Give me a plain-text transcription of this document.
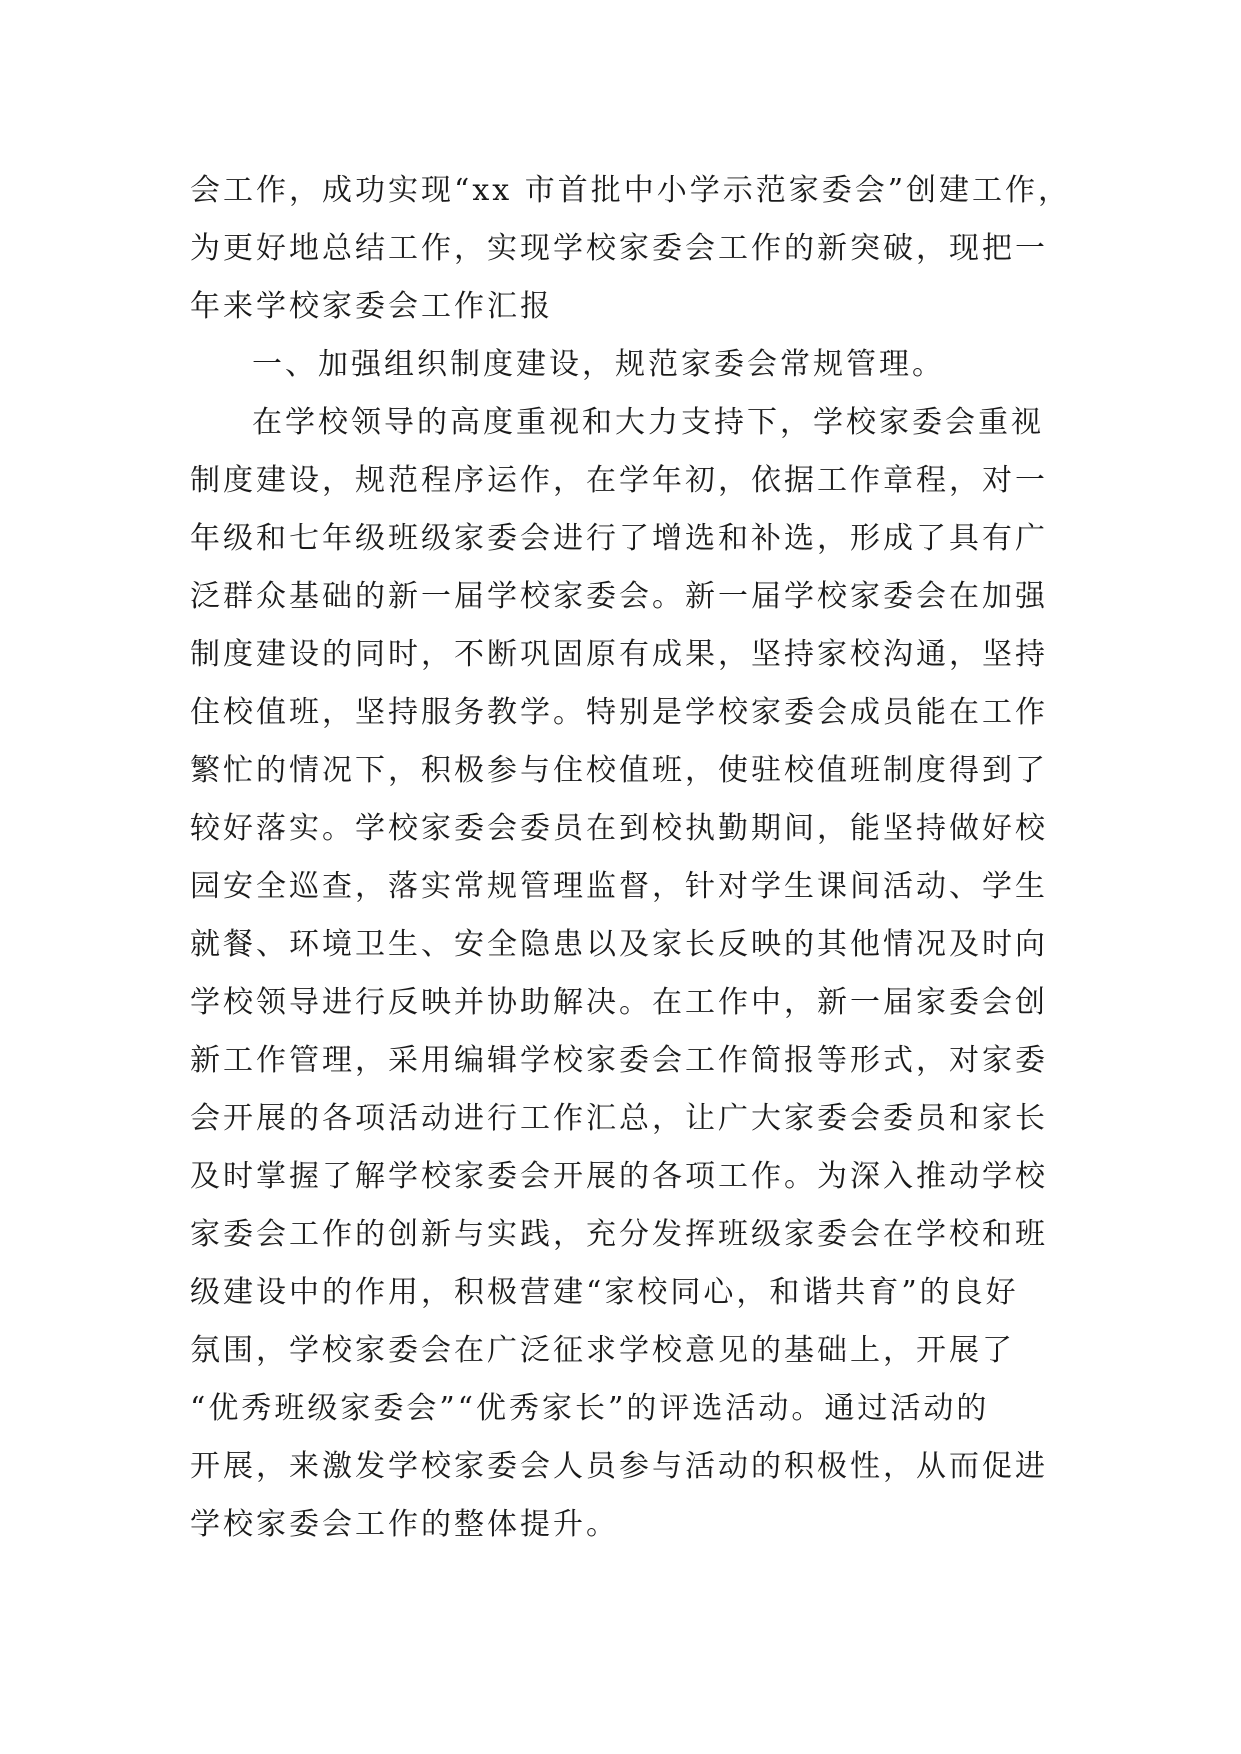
会工作，成功实现“xx 市首批中小学示范家委会”创建工作，
为更好地总结工作，实现学校家委会工作的新突破，现把一
年来学校家委会工作汇报
一、加强组织制度建设，规范家委会常规管理。
在学校领导的高度重视和大力支持下，学校家委会重视
制度建设，规范程序运作，在学年初，依据工作章程，对一
年级和七年级班级家委会进行了增选和补选，形成了具有广
泛群众基础的新一届学校家委会。新一届学校家委会在加强
制度建设的同时，不断巩固原有成果，坚持家校沟通，坚持
住校值班，坚持服务教学。特别是学校家委会成员能在工作
繁忙的情况下，积极参与住校值班，使驻校值班制度得到了
较好落实。学校家委会委员在到校执勤期间，能坚持做好校
园安全巡查，落实常规管理监督，针对学生课间活动、学生
就餐、环境卫生、安全隐患以及家长反映的其他情况及时向
学校领导进行反映并协助解决。在工作中，新一届家委会创
新工作管理，采用编辑学校家委会工作简报等形式，对家委
会开展的各项活动进行工作汇总，让广大家委会委员和家长
及时掌握了解学校家委会开展的各项工作。为深入推动学校
家委会工作的创新与实践，充分发挥班级家委会在学校和班
级建设中的作用，积极营建“家校同心，和谐共育”的良好
氛围，学校家委会在广泛征求学校意见的基础上，开展了
“优秀班级家委会”“优秀家长”的评选活动。通过活动的
开展，来激发学校家委会人员参与活动的积极性，从而促进
学校家委会工作的整体提升。
